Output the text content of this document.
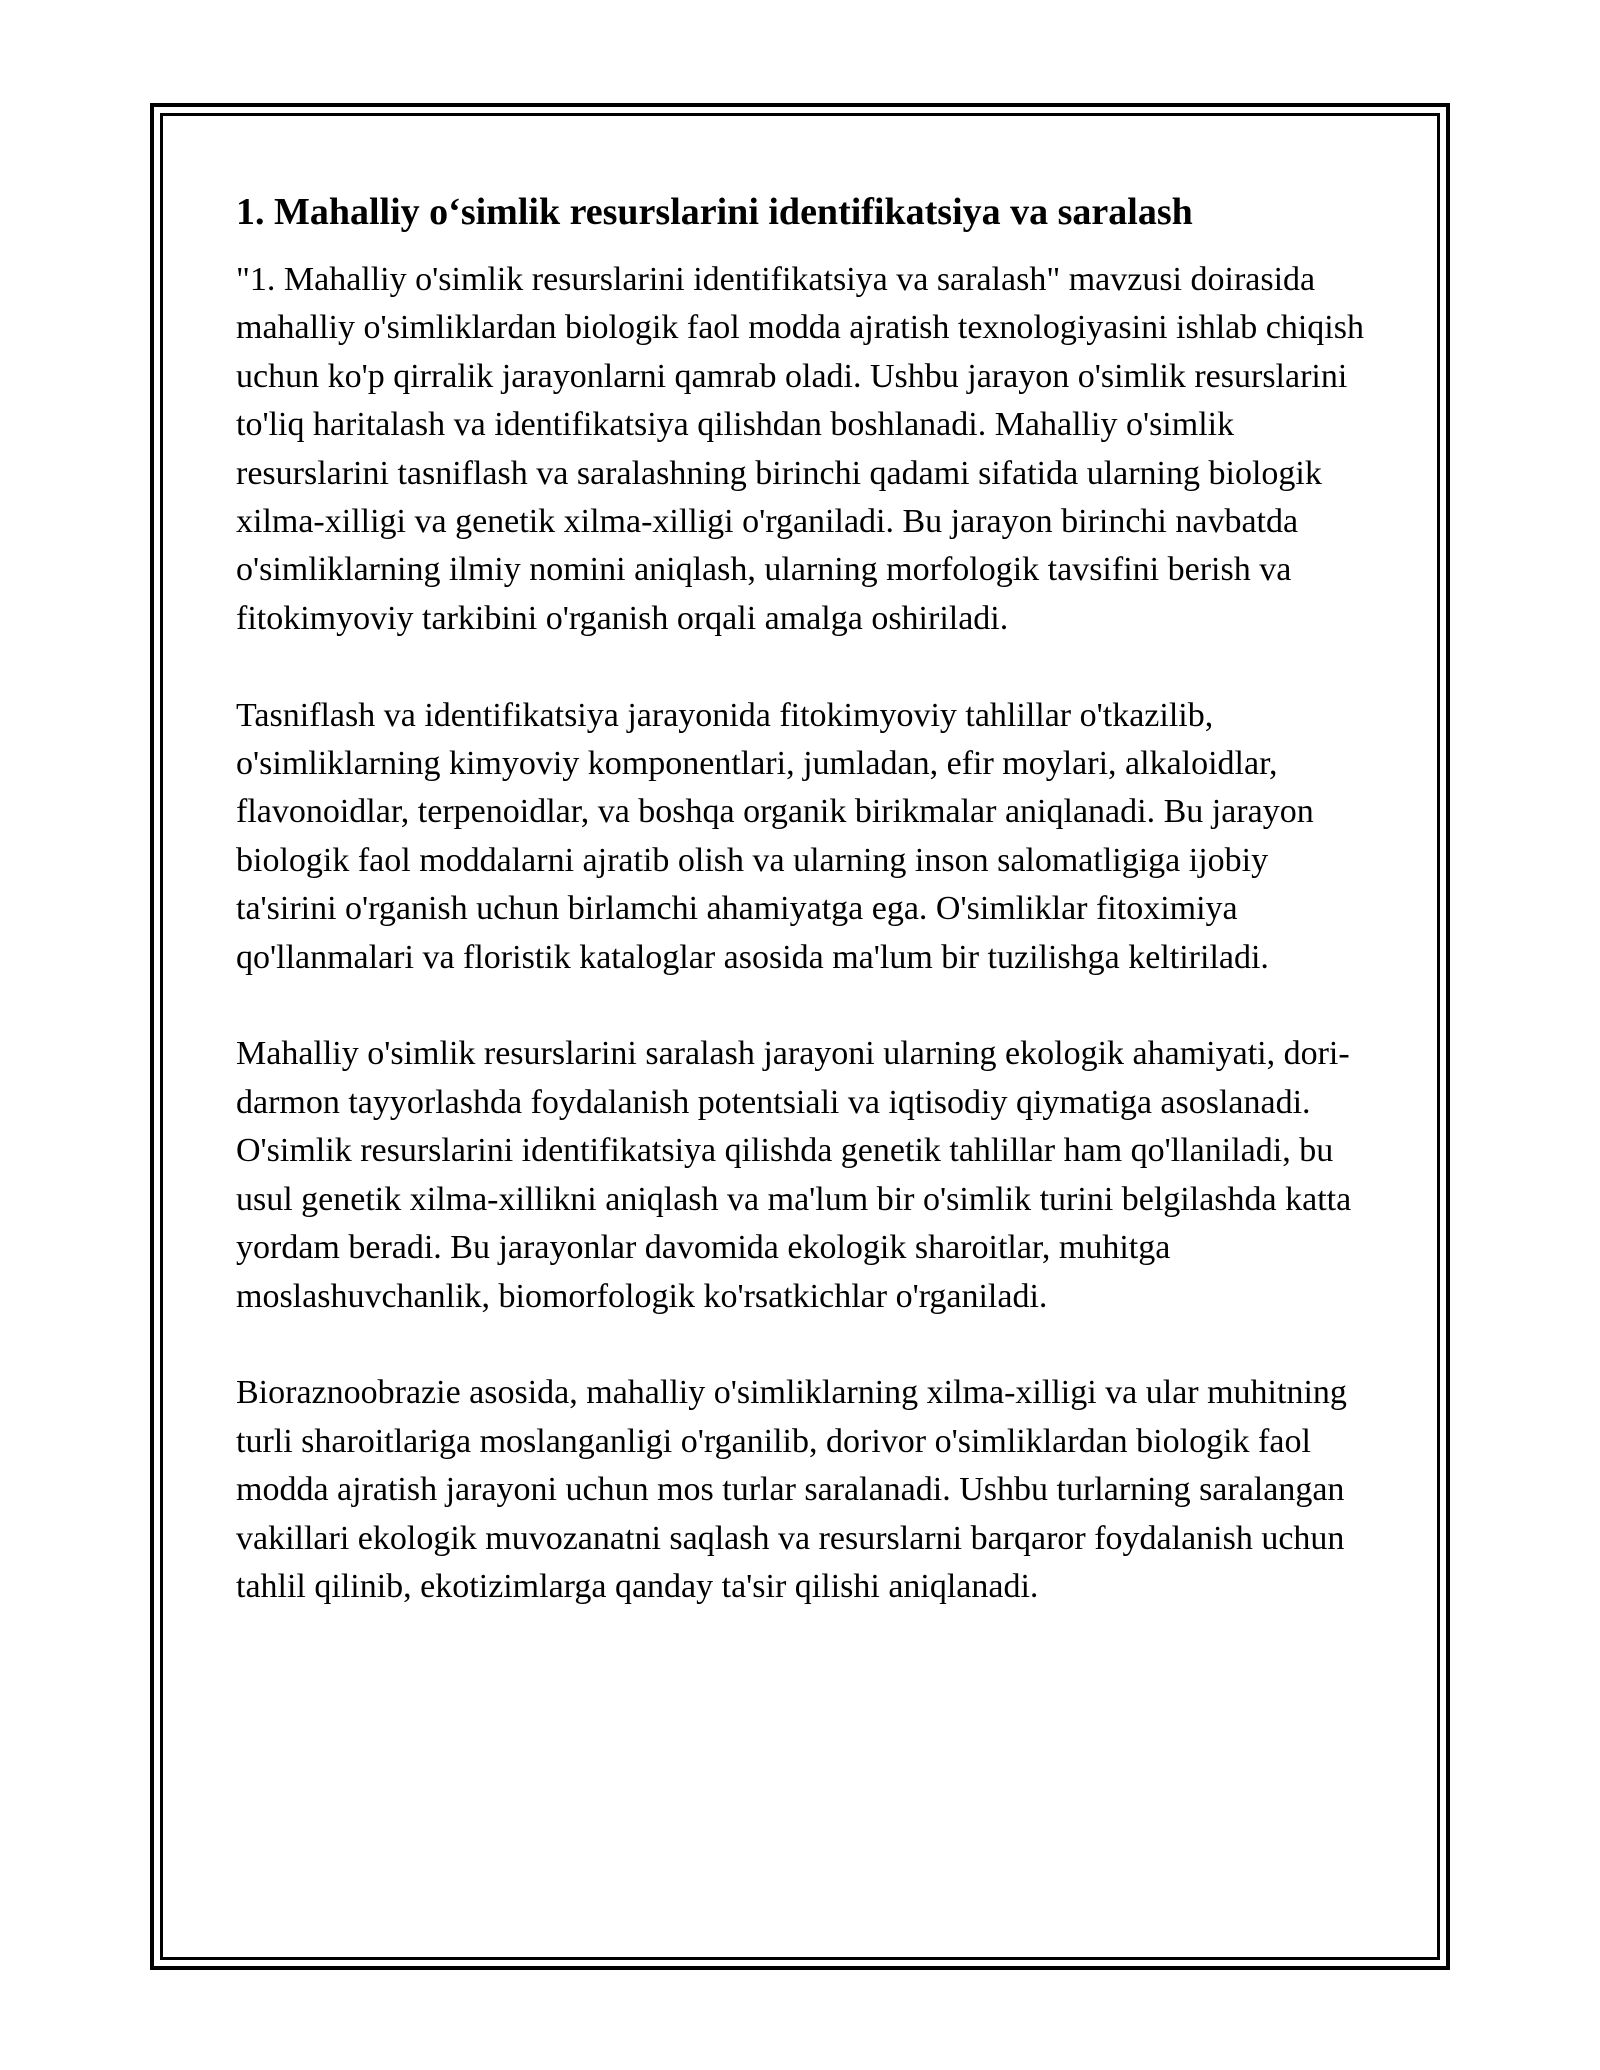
1. Mahalliy o‘simlik resurslarini identifikatsiya va saralash

"1. Mahalliy o'simlik resurslarini identifikatsiya va saralash" mavzusi doirasida mahalliy o'simliklardan biologik faol modda ajratish texnologiyasini ishlab chiqish uchun ko'p qirralik jarayonlarni qamrab oladi. Ushbu jarayon o'simlik resurslarini to'liq haritalash va identifikatsiya qilishdan boshlanadi. Mahalliy o'simlik resurslarini tasniflash va saralashning birinchi qadami sifatida ularning biologik xilma-xilligi va genetik xilma-xilligi o'rganiladi. Bu jarayon birinchi navbatda o'simliklarning ilmiy nomini aniqlash, ularning morfologik tavsifini berish va fitokimyoviy tarkibini o'rganish orqali amalga oshiriladi.

Tasniflash va identifikatsiya jarayonida fitokimyoviy tahlillar o'tkazilib, o'simliklarning kimyoviy komponentlari, jumladan, efir moylari, alkaloidlar, flavonoidlar, terpenoidlar, va boshqa organik birikmalar aniqlanadi. Bu jarayon biologik faol moddalarni ajratib olish va ularning inson salomatligiga ijobiy ta'sirini o'rganish uchun birlamchi ahamiyatga ega. O'simliklar fitoximiya qo'llanmalari va floristik kataloglar asosida ma'lum bir tuzilishga keltiriladi.

Mahalliy o'simlik resurslarini saralash jarayoni ularning ekologik ahamiyati, dori-darmon tayyorlashda foydalanish potentsiali va iqtisodiy qiymatiga asoslanadi. O'simlik resurslarini identifikatsiya qilishda genetik tahlillar ham qo'llaniladi, bu usul genetik xilma-xillikni aniqlash va ma'lum bir o'simlik turini belgilashda katta yordam beradi. Bu jarayonlar davomida ekologik sharoitlar, muhitga moslashuvchanlik, biomorfologik ko'rsatkichlar o'rganiladi.

Bioraznoobrazie asosida, mahalliy o'simliklarning xilma-xilligi va ular muhitning turli sharoitlariga moslanganligi o'rganilib, dorivor o'simliklardan biologik faol modda ajratish jarayoni uchun mos turlar saralanadi. Ushbu turlarning saralangan vakillari ekologik muvozanatni saqlash va resurslarni barqaror foydalanish uchun tahlil qilinib, ekotizimlarga qanday ta'sir qilishi aniqlanadi.
